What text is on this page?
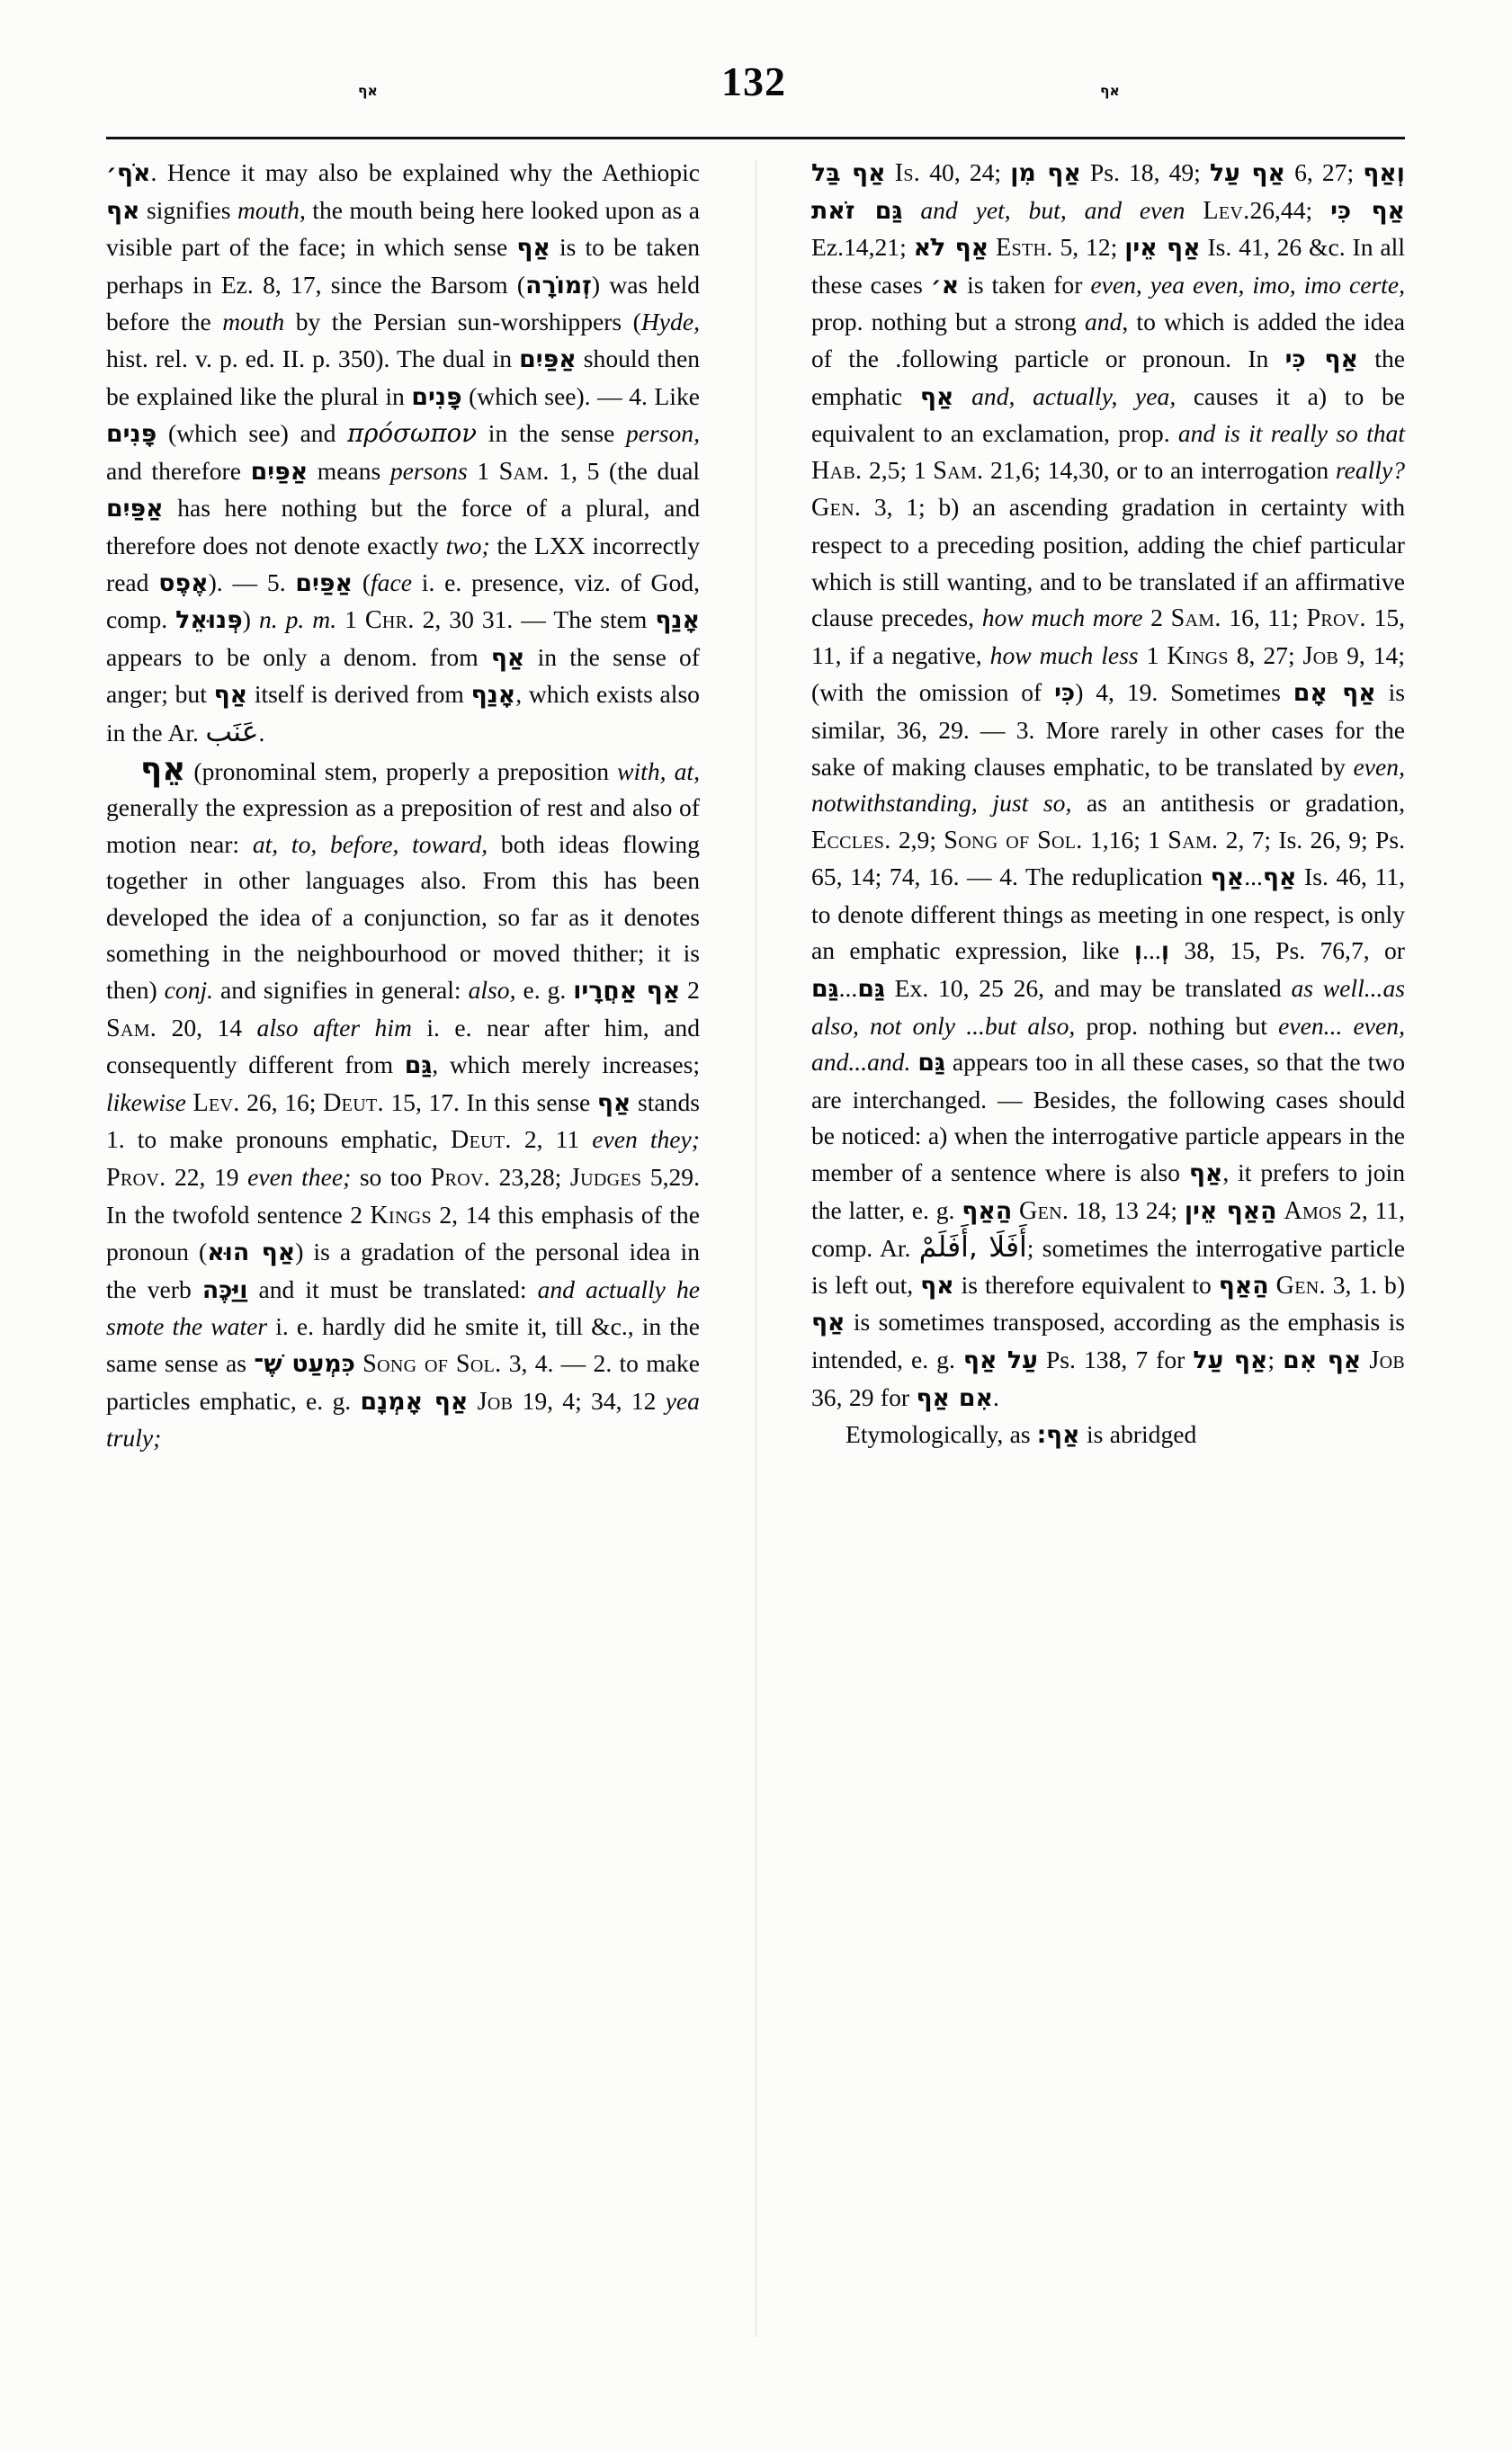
אף	132	אף

אֹף׳. Hence it may also be explained why the Aethiopic אף signifies mouth, the mouth being here looked upon as a visible part of the face; in which sense אַף is to be taken perhaps in Ez. 8, 17, since the Barsom (זְמוֹרָה) was held before the mouth by the Persian sun-worshippers (Hyde, hist. rel. v. p. ed. II. p. 350). The dual in אַפַּיִם should then be explained like the plural in פָּנִים (which see). — 4. Like פָּנִים (which see) and πρόσωπον in the sense person, and therefore אַפַּיִם means persons 1 Sam. 1, 5 (the dual אַפַּיִם has here nothing but the force of a plural, and therefore does not denote exactly two; the LXX incorrectly read אֶפֶס). — 5. אַפַּיִם (face i. e. presence, viz. of God, comp. פְּנוּאֵל) n. p. m. 1 Chr. 2, 30 31. — The stem אָנַף appears to be only a denom. from אַף in the sense of anger; but אַף itself is derived from אָנַף, which exists also in the Ar. عَنَب.

אֵף (pronominal stem, properly a preposition with, at, generally the expression as a preposition of rest and also of motion near: at, to, before, toward, both ideas flowing together in other languages also. From this has been developed the idea of a conjunction, so far as it denotes something in the neighbourhood or moved thither; it is then) conj. and signifies in general: also, e. g. אַף אַחֲרָיו 2 Sam. 20, 14 also after him i. e. near after him, and consequently different from גַּם, which merely increases; likewise Lev. 26, 16; Deut. 15, 17. In this sense אַף stands 1. to make pronouns emphatic, Deut. 2, 11 even they; Prov. 22, 19 even thee; so too Prov. 23,28; Judges 5,29. In the twofold sentence 2 Kings 2, 14 this emphasis of the pronoun (אַף הוּא) is a gradation of the personal idea in the verb וַיַּכֶּה and it must be translated: and actually he smote the water i. e. hardly did he smite it, till &c., in the same sense as כִּמְעַט שֶׁ־ Song of Sol. 3, 4. — 2. to make particles emphatic, e. g. אַף אָמְנָם Job 19, 4; 34, 12 yea truly;

אַף בַּל Is. 40, 24; אַף מִן Ps. 18, 49; אַף עַל 6, 27; וְאַף גַּם זֹאת and yet, but, and even Lev.26,44; אַף כִּי Ez.14,21; אַף לֹא Esth. 5, 12; אַף אֵין Is. 41, 26 &c. In all these cases א׳ is taken for even, yea even, imo, imo certe, prop. nothing but a strong and, to which is added the idea of the .following particle or pronoun. In אַף כִּי the emphatic אַף and, actually, yea, causes it a) to be equivalent to an exclamation, prop. and is it really so that Hab. 2,5; 1 Sam. 21,6; 14,30, or to an interrogation really? Gen. 3, 1; b) an ascending gradation in certainty with respect to a preceding position, adding the chief particular which is still wanting, and to be translated if an affirmative clause precedes, how much more 2 Sam. 16, 11; Prov. 15, 11, if a negative, how much less 1 Kings 8, 27; Job 9, 14; (with the omission of כִּי) 4, 19. Sometimes אַף אָם is similar, 36, 29. — 3. More rarely in other cases for the sake of making clauses emphatic, to be translated by even, notwithstanding, just so, as an antithesis or gradation, Eccles. 2,9; Song of Sol. 1,16; 1 Sam. 2, 7; Is. 26, 9; Ps. 65, 14; 74, 16. — 4. The reduplication אַף...אַף Is. 46, 11, to denote different things as meeting in one respect, is only an emphatic expression, like וְ...וְ 38, 15, Ps. 76,7, or גַּם...גַּם Ex. 10, 25 26, and may be translated as well...as also, not only ...but also, prop. nothing but even... even, and...and. גַּם appears too in all these cases, so that the two are interchanged. — Besides, the following cases should be noticed: a) when the interrogative particle appears in the member of a sentence where is also אַף, it prefers to join the latter, e. g. הַאַף Gen. 18, 13 24; הַאַף אֵין Amos 2, 11, comp. Ar. أَفَلَا ,أَفَلَمْ; sometimes the interrogative particle is left out, אף is therefore equivalent to הַאַף Gen. 3, 1. b) אַף is sometimes transposed, according as the emphasis is intended, e. g. עַל אַף Ps. 138, 7 for אַף עַל; אַף אִם Job 36, 29 for אִם אַף.

Etymologically, as אַף׃ is abridged
